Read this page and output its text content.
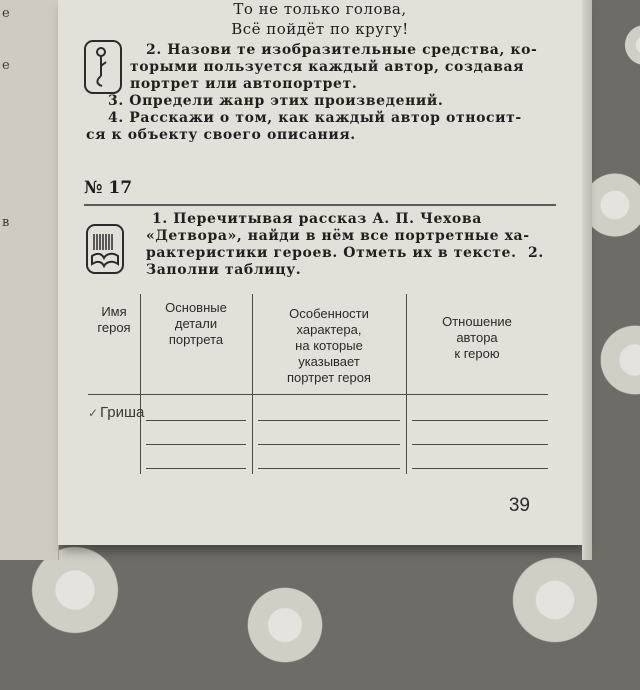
е
е
в
То не только голова,
Всё пойдёт по кругу!
2. Назови те изобразительные средства, ко-
торыми пользуется каждый автор, создавая
портрет или автопортрет.
3. Определи жанр этих произведений.
4. Расскажи о том, как каждый автор относит-
ся к объекту своего описания.
№ 17
1. Перечитывая рассказ А. П. Чехова «Детвора», найди в нём все портретные ха- рактеристики героев. Отметь их в тексте. 2. Заполни таблицу.
Имя
героя
Основные
детали
портрета
Особенности
характера,
на которые
указывает
портрет героя
Отношение
автора
к герою
✓ Гриша
39
